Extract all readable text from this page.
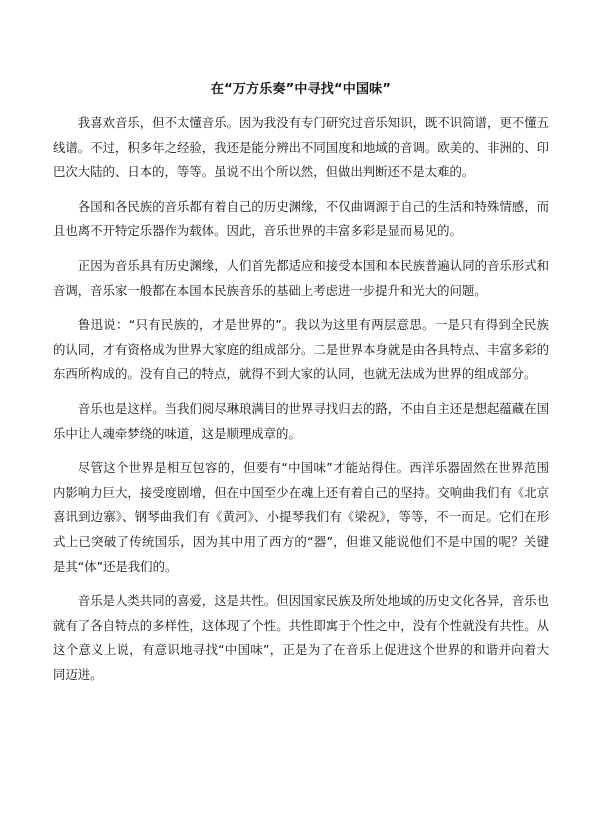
在“万方乐奏”中寻找“中国味”

我喜欢音乐，但不太懂音乐。因为我没有专门研究过音乐知识，既不识简谱，更不懂五线谱。不过，积多年之经验，我还是能分辨出不同国度和地域的音调。欧美的、非洲的、印巴次大陆的、日本的，等等。虽说不出个所以然，但做出判断还不是太难的。

各国和各民族的音乐都有着自己的历史渊缘，不仅曲调源于自己的生活和特殊情感，而且也离不开特定乐器作为载体。因此，音乐世界的丰富多彩是显而易见的。

正因为音乐具有历史渊缘，人们首先都适应和接受本国和本民族普遍认同的音乐形式和音调，音乐家一般都在本国本民族音乐的基础上考虑进一步提升和光大的问题。

鲁迅说：“只有民族的，才是世界的”。我以为这里有两层意思。一是只有得到全民族的认同，才有资格成为世界大家庭的组成部分。二是世界本身就是由各具特点、丰富多彩的东西所构成的。没有自己的特点，就得不到大家的认同，也就无法成为世界的组成部分。

音乐也是这样。当我们阅尽琳琅满目的世界寻找归去的路，不由自主还是想起蕴藏在国乐中让人魂牵梦绕的味道，这是顺理成章的。

尽管这个世界是相互包容的，但要有“中国味”才能站得住。西洋乐器固然在世界范围内影响力巨大，接受度剧增，但在中国至少在魂上还有着自己的坚持。交响曲我们有《北京喜讯到边寨》、钢琴曲我们有《黄河》、小提琴我们有《梁祝》，等等，不一而足。它们在形式上已突破了传统国乐，因为其中用了西方的“器”，但谁又能说他们不是中国的呢？关键是其“体”还是我们的。

音乐是人类共同的喜爱，这是共性。但因国家民族及所处地域的历史文化各异，音乐也就有了各自特点的多样性，这体现了个性。共性即寓于个性之中，没有个性就没有共性。从这个意义上说，有意识地寻找“中国味”，正是为了在音乐上促进这个世界的和谐并向着大同迈进。
